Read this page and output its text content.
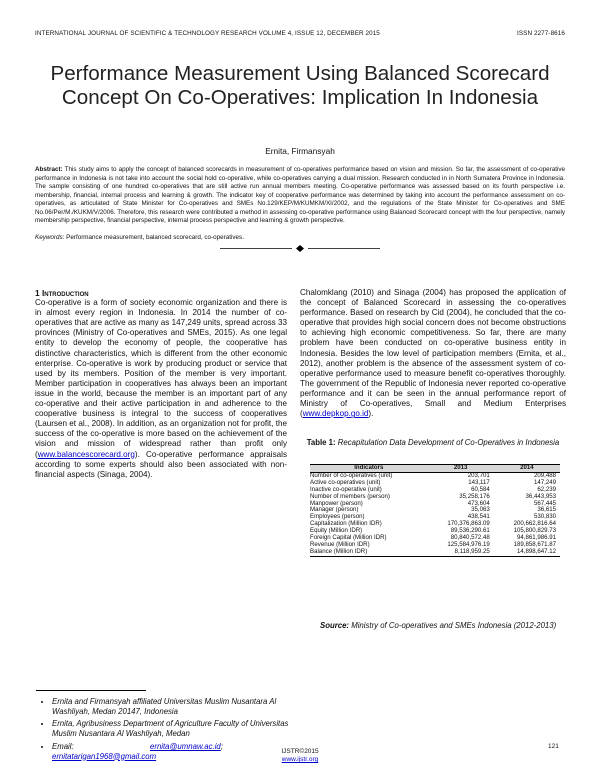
INTERNATIONAL JOURNAL OF SCIENTIFIC & TECHNOLOGY RESEARCH VOLUME 4, ISSUE 12, DECEMBER 2015	ISSN 2277-8616
Performance Measurement Using Balanced Scorecard Concept On Co-Operatives: Implication In Indonesia
Ernita, Firmansyah
Abstract: This study aims to apply the concept of balanced scorecards in measurement of co-operatives performance based on vision and mission. So far, the assessment of co-operative performance in Indonesia is not take into account the social hold co-operative, while co-operatives carrying a dual mission. Research conducted in in North Sumatera Province in Indonesia. The sample consisting of one hundred co-operatives that are still active run annual members meeting. Co-operative performance was assessed based on its fourth perspective i.e. membership, financial, internal process and learning & growth. The indicator key of cooperative performance was determined by taking into account the performance assessment on co-operatives, as articulated of State Minister for Co-operatives and SMEs No.129/KEP/M/KUMKM/XI/2002, and the regulations of the State Minister for Co-operatives and SME No.06/Per/M./KUKM/V/2006. Therefore, this research were contributed a method in assessing co-operative performance using Balanced Scorecard concept with the four perspective, namely membership perspective, financial perspective, internal process perspective and learning & growth perspective.
Keywords: Performance measurement, balanced scorecard, co-operatives.
1 Introduction
Co-operative is a form of society economic organization and there is in almost every region in Indonesia. In 2014 the number of co-operatives that are active as many as 147,249 units, spread across 33 provinces (Ministry of Co-operatives and SMEs, 2015). As one legal entity to develop the economy of people, the cooperative has distinctive characteristics, which is different from the other economic enterprise. Co-operative is work by producing product or service that used by its members. Position of the member is very important. Member participation in cooperatives has always been an important issue in the world, because the member is an important part of any co-operative and their active participation in and adherence to the cooperative business is integral to the success of cooperatives (Laursen et al., 2008). In addition, as an organization not for profit, the success of the co-operative is more based on the achievement of the vision and mission of widespread rather than profit only (www.balancescorecard.org). Co-operative performance appraisals according to some experts should also been associated with non-financial aspects (Sinaga, 2004).
Chalomklang (2010) and Sinaga (2004) has proposed the application of the concept of Balanced Scorecard in assessing the co-operatives performance. Based on research by Cid (2004), he concluded that the co-operative that provides high social concern does not become obstructions to achieving high economic competitiveness. So far, there are many problem have been conducted on co-operative business entity in Indonesia. Besides the low level of participation members (Ernita, et al., 2012), another problem is the absence of the assessment system of co-operative performance used to measure benefit co-operatives thoroughly. The government of the Republic of Indonesia never reported co-operative performance and it can be seen in the annual performance report of Ministry of Co-operatives, Small and Medium Enterprises (www.depkop.go.id).
Table 1: Recapitulation Data Development of Co-Operatives in Indonesia
Indicators	2013	2014
Number of co-operatives (unit)	203,701	209,488
Active co-operatives (unit)	143,117	147,249
Inactive co-operative (unit)	60,584	62,239
Number of members (person)	35,258,176	36,443,953
Manpower (person)	473,604	567,445
Manager (person)	35,063	36,615
Employees (person)	438,541	530,830
Capitalization (Million IDR)	170,376,863.09	200,662,816.64
Equity (Million IDR)	89,536,290.61	105,800,829.73
Foreign Capital (Million IDR)	80,840,572.48	94,861,986.91
Revenue (Million IDR)	125,584,976.19	189,858,671.87
Balance (Million IDR)	8,118,959.25	14,898,647.12
Source: Ministry of Co-operatives and SMEs Indonesia (2012-2013)
• Ernita and Firmansyah affiliated Universitas Muslim Nusantara Al Washliyah, Medan 20147, Indonesia
• Ernita, Agribusiness Department of Agriculture Faculty of Universitas Muslim Nusantara Al Washliyah, Medan
• Email:	ernita@umnaw.ac.id; ernitatarigan1968@gmail.com
121
IJSTR©2015
www.ijstr.org
